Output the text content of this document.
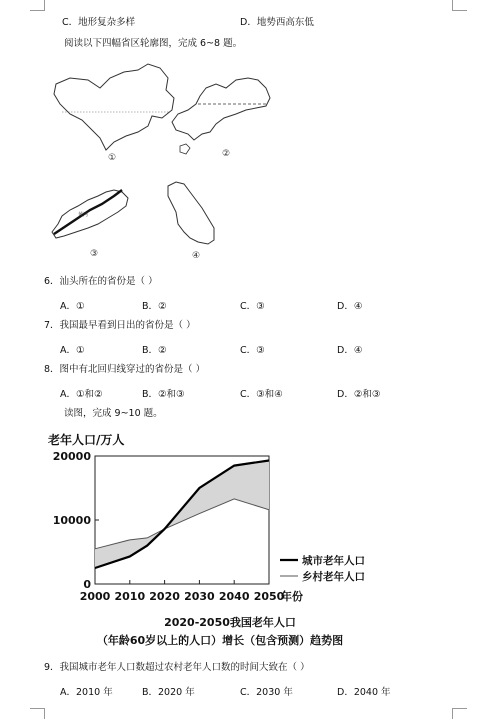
C．地形复杂多样	D．地势西高东低
阅读以下四幅省区轮廓图，完成 6~8 题。
①	②
黄河
③	④
6．汕头所在的省份是（ ）
A．①	B．②	C．③	D．④
7．我国最早看到日出的省份是（ ）
A．①	B．②	C．③	D．④
8．图中有北回归线穿过的省份是（ ）
A．①和②	B．②和③	C．③和④	D．②和③
读图，完成 9~10 题。
老年人口/万人
0
10000
20000
2000 2010 2020 2030 2040 2050
年份
城市老年人口
乡村老年人口
2020-2050我国老年人口
（年龄60岁以上的人口）增长（包含预测）趋势图
9．我国城市老年人口数超过农村老年人口数的时间大致在（ ）
A．2010 年	B．2020 年	C．2030 年	D．2040 年
